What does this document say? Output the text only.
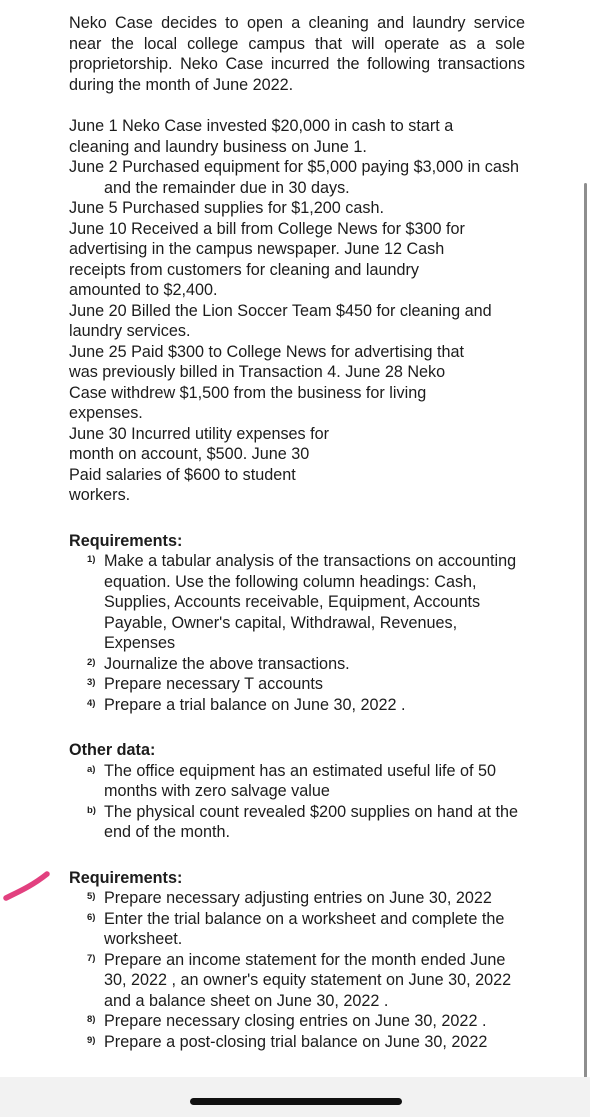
Neko Case decides to open a cleaning and laundry service near the local college campus that will operate as a sole proprietorship. Neko Case incurred the following transactions during the month of June 2022.

June 1 Neko Case invested $20,000 in cash to start a
cleaning and laundry business on June 1.
June 2 Purchased equipment for $5,000 paying $3,000 in cash and the remainder due in 30 days.
June 5 Purchased supplies for $1,200 cash.
June 10 Received a bill from College News for $300 for
advertising in the campus newspaper. June 12 Cash
receipts from customers for cleaning and laundry
amounted to $2,400.
June 20 Billed the Lion Soccer Team $450 for cleaning and
laundry services.
June 25 Paid $300 to College News for advertising that
was previously billed in Transaction 4. June 28 Neko
Case withdrew $1,500 from the business for living
expenses.
June 30 Incurred utility expenses for
month on account, $500. June 30
Paid salaries of $600 to student
workers.
Requirements:
1) Make a tabular analysis of the transactions on accounting equation. Use the following column headings: Cash, Supplies, Accounts receivable, Equipment, Accounts Payable, Owner's capital, Withdrawal, Revenues, Expenses
2) Journalize the above transactions.
3) Prepare necessary T accounts
4) Prepare a trial balance on June 30, 2022 .
Other data:
a) The office equipment has an estimated useful life of 50 months with zero salvage value
b) The physical count revealed $200 supplies on hand at the end of the month.
Requirements:
5) Prepare necessary adjusting entries on June 30, 2022
6) Enter the trial balance on a worksheet and complete the worksheet.
7) Prepare an income statement for the month ended June 30, 2022 , an owner's equity statement on June 30, 2022 and a balance sheet on June 30, 2022 .
8) Prepare necessary closing entries on June 30, 2022 .
9) Prepare a post-closing trial balance on June 30, 2022
